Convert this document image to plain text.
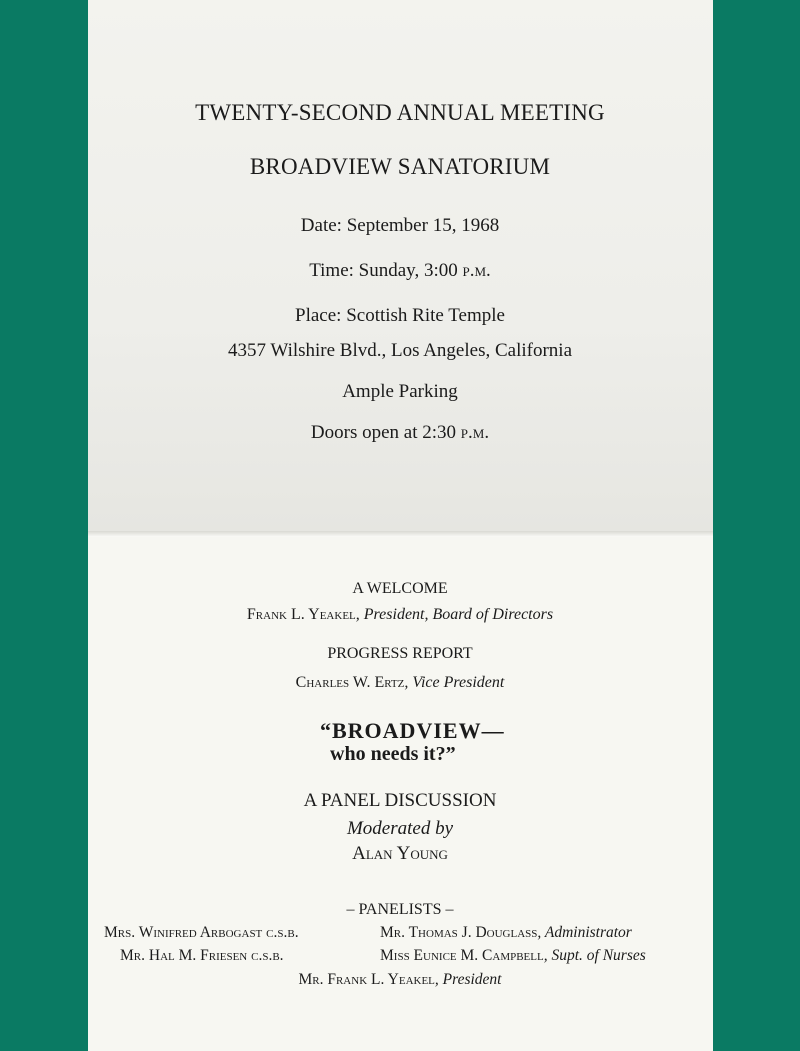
TWENTY-SECOND ANNUAL MEETING
BROADVIEW SANATORIUM
Date: September 15, 1968
Time: Sunday, 3:00 p.m.
Place: Scottish Rite Temple
4357 Wilshire Blvd., Los Angeles, California
Ample Parking
Doors open at 2:30 p.m.
A WELCOME
Frank L. Yeakel, President, Board of Directors
PROGRESS REPORT
Charles W. Ertz, Vice President
“BROADVIEW—
who needs it?”
A PANEL DISCUSSION
Moderated by
Alan Young
– PANELISTS –
Mrs. Winifred Arbogast c.s.b.	Mr. Thomas J. Douglass, Administrator
Mr. Hal M. Friesen c.s.b.	Miss Eunice M. Campbell, Supt. of Nurses
Mr. Frank L. Yeakel, President
